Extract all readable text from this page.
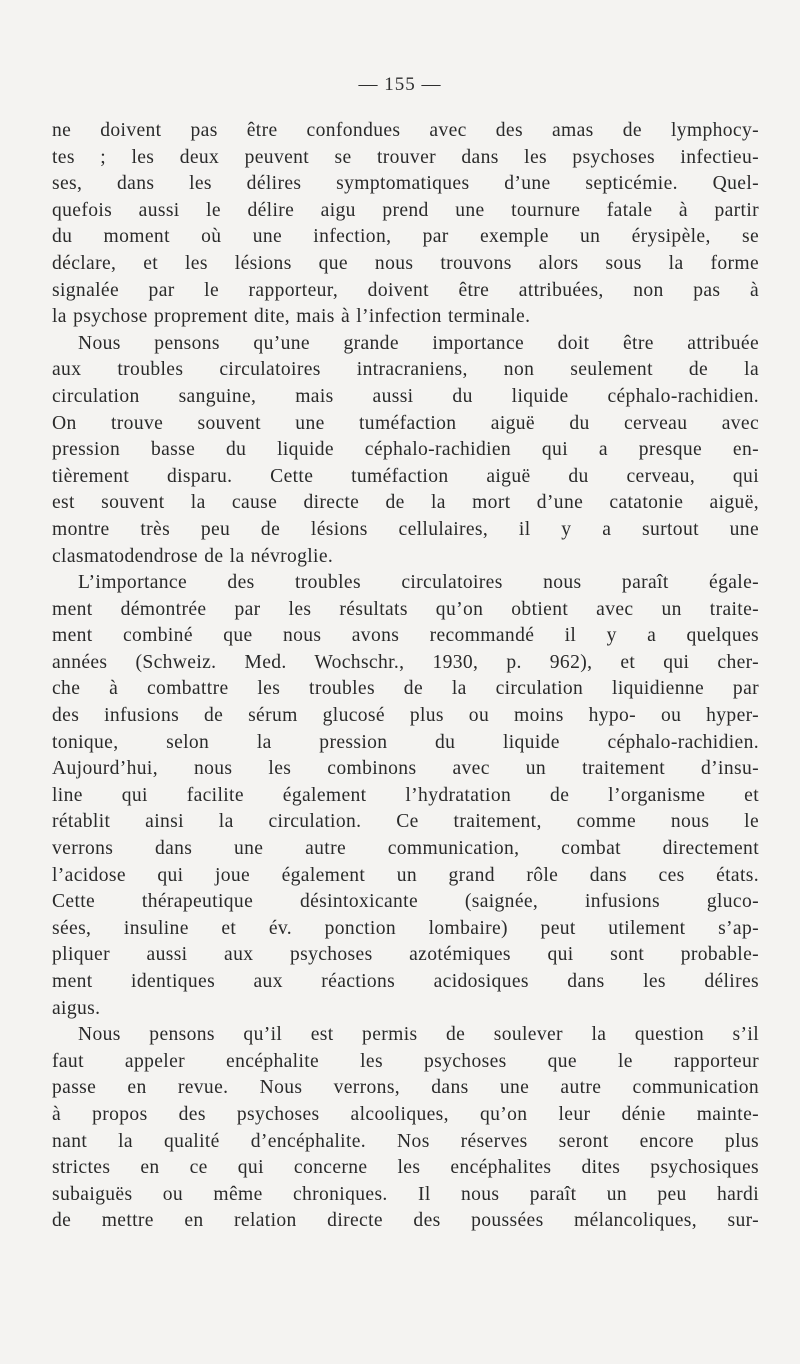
— 155 —
ne doivent pas être confondues avec des amas de lymphocy-
tes ; les deux peuvent se trouver dans les psychoses infectieu-
ses, dans les délires symptomatiques d’une septicémie. Quel-
quefois aussi le délire aigu prend une tournure fatale à partir
du moment où une infection, par exemple un érysipèle, se
déclare, et les lésions que nous trouvons alors sous la forme
signalée par le rapporteur, doivent être attribuées, non pas à
la psychose proprement dite, mais à l’infection terminale.
Nous pensons qu’une grande importance doit être attribuée
aux troubles circulatoires intracraniens, non seulement de la
circulation sanguine, mais aussi du liquide céphalo-rachidien.
On trouve souvent une tuméfaction aiguë du cerveau avec
pression basse du liquide céphalo-rachidien qui a presque en-
tièrement disparu. Cette tuméfaction aiguë du cerveau, qui
est souvent la cause directe de la mort d’une catatonie aiguë,
montre très peu de lésions cellulaires, il y a surtout une
clasmatodendrose de la névroglie.
L’importance des troubles circulatoires nous paraît égale-
ment démontrée par les résultats qu’on obtient avec un traite-
ment combiné que nous avons recommandé il y a quelques
années (Schweiz. Med. Wochschr., 1930, p. 962), et qui cher-
che à combattre les troubles de la circulation liquidienne par
des infusions de sérum glucosé plus ou moins hypo- ou hyper-
tonique, selon la pression du liquide céphalo-rachidien.
Aujourd’hui, nous les combinons avec un traitement d’insu-
line qui facilite également l’hydratation de l’organisme et
rétablit ainsi la circulation. Ce traitement, comme nous le
verrons dans une autre communication, combat directement
l’acidose qui joue également un grand rôle dans ces états.
Cette thérapeutique désintoxicante (saignée, infusions gluco-
sées, insuline et év. ponction lombaire) peut utilement s’ap-
pliquer aussi aux psychoses azotémiques qui sont probable-
ment identiques aux réactions acidosiques dans les délires
aigus.
Nous pensons qu’il est permis de soulever la question s’il
faut appeler encéphalite les psychoses que le rapporteur
passe en revue. Nous verrons, dans une autre communication
à propos des psychoses alcooliques, qu’on leur dénie mainte-
nant la qualité d’encéphalite. Nos réserves seront encore plus
strictes en ce qui concerne les encéphalites dites psychosiques
subaiguës ou même chroniques. Il nous paraît un peu hardi
de mettre en relation directe des poussées mélancoliques, sur-
